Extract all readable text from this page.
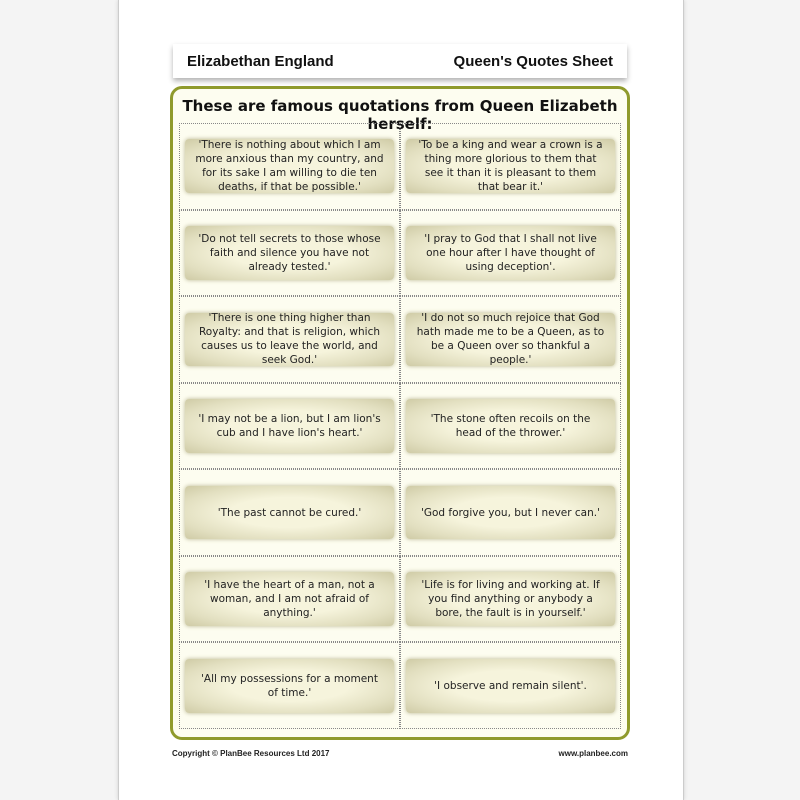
Elizabethan England	Queen's Quotes Sheet
These are famous quotations from Queen Elizabeth herself:
'There is nothing about which I am more anxious than my country, and for its sake I am willing to die ten deaths, if that be possible.'
'To be a king and wear a crown is a thing more glorious to them that see it than it is pleasant to them that bear it.'
'Do not tell secrets to those whose faith and silence you have not already tested.'
'I pray to God that I shall not live one hour after I have thought of using deception'.
'There is one thing higher than Royalty: and that is religion, which causes us to leave the world, and seek God.'
'I do not so much rejoice that God hath made me to be a Queen, as to be a Queen over so thankful a people.'
'I may not be a lion, but I am lion's cub and I have lion's heart.'
'The stone often recoils on the head of the thrower.'
'The past cannot be cured.'	'God forgive you, but I never can.'
'I have the heart of a man, not a woman, and I am not afraid of anything.'
'Life is for living and working at. If you find anything or anybody a bore, the fault is in yourself.'
'All my possessions for a moment of time.'
'I observe and remain silent'.
Copyright © PlanBee Resources Ltd 2017	www.planbee.com
